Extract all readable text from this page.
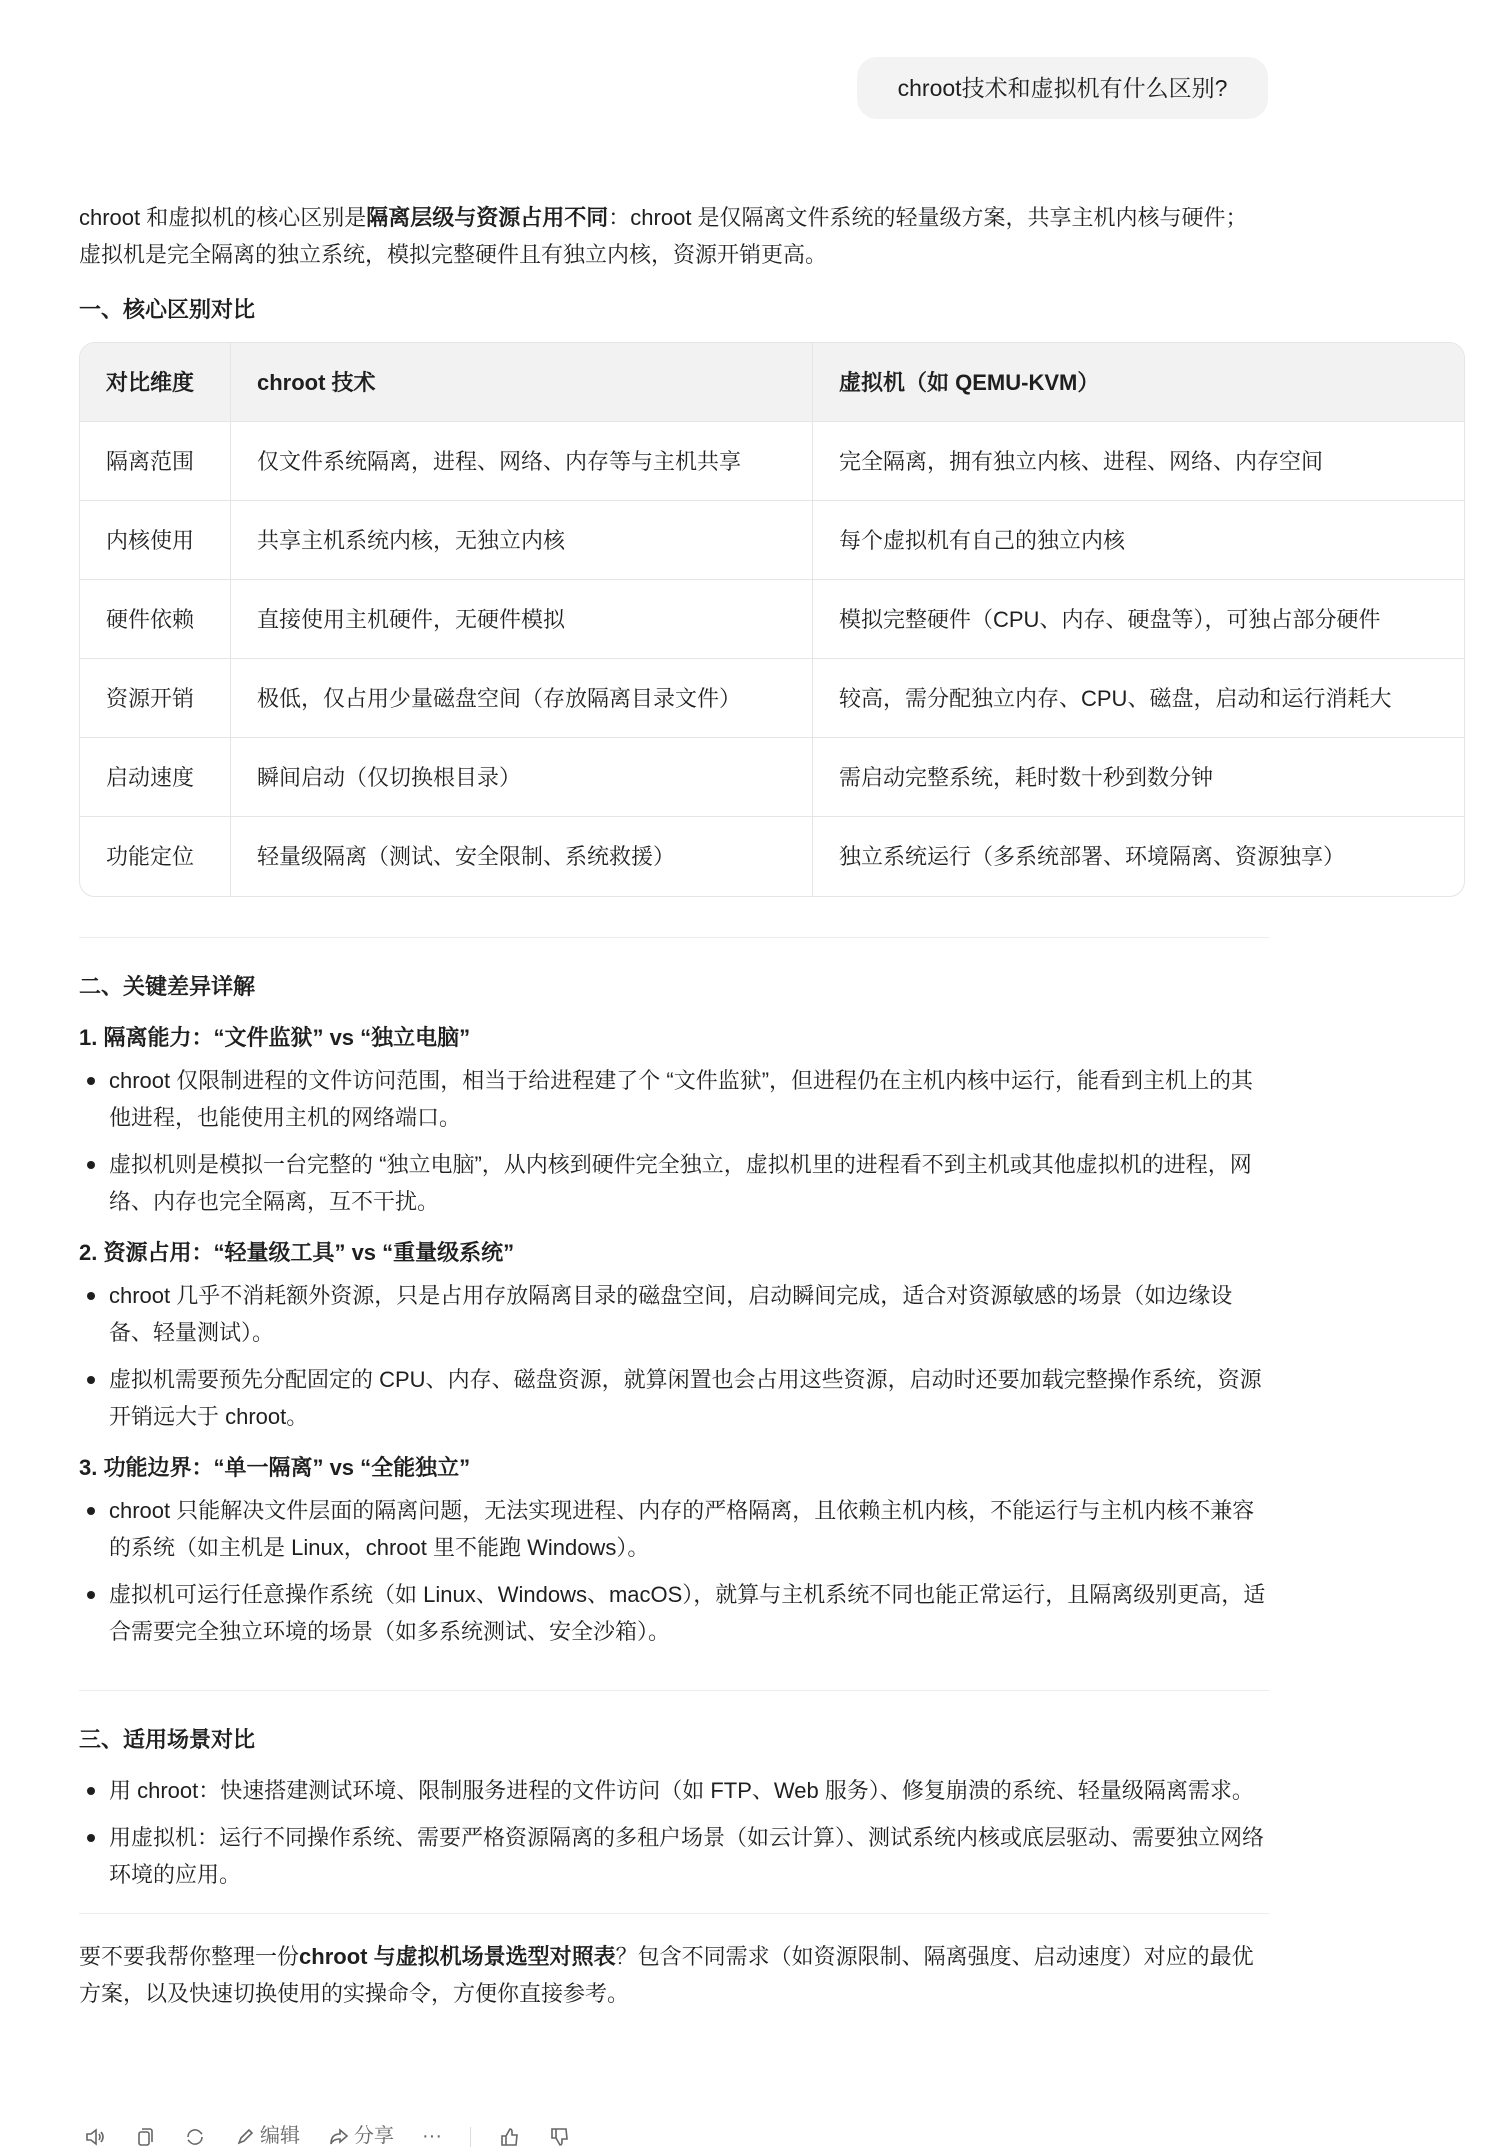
chroot技术和虚拟机有什么区别?

chroot 和虚拟机的核心区别是隔离层级与资源占用不同：chroot 是仅隔离文件系统的轻量级方案，共享主机内核与硬件；虚拟机是完全隔离的独立系统，模拟完整硬件且有独立内核，资源开销更高。

一、核心区别对比

对比维度	chroot 技术	虚拟机（如 QEMU-KVM）
隔离范围	仅文件系统隔离，进程、网络、内存等与主机共享	完全隔离，拥有独立内核、进程、网络、内存空间
内核使用	共享主机系统内核，无独立内核	每个虚拟机有自己的独立内核
硬件依赖	直接使用主机硬件，无硬件模拟	模拟完整硬件（CPU、内存、硬盘等），可独占部分硬件
资源开销	极低，仅占用少量磁盘空间（存放隔离目录文件）	较高，需分配独立内存、CPU、磁盘，启动和运行消耗大
启动速度	瞬间启动（仅切换根目录）	需启动完整系统，耗时数十秒到数分钟
功能定位	轻量级隔离（测试、安全限制、系统救援）	独立系统运行（多系统部署、环境隔离、资源独享）

二、关键差异详解

1. 隔离能力：“文件监狱” vs “独立电脑”

chroot 仅限制进程的文件访问范围，相当于给进程建了个 “文件监狱”，但进程仍在主机内核中运行，能看到主机上的其他进程，也能使用主机的网络端口。
虚拟机则是模拟一台完整的 “独立电脑”，从内核到硬件完全独立，虚拟机里的进程看不到主机或其他虚拟机的进程，网络、内存也完全隔离，互不干扰。

2. 资源占用：“轻量级工具” vs “重量级系统”

chroot 几乎不消耗额外资源，只是占用存放隔离目录的磁盘空间，启动瞬间完成，适合对资源敏感的场景（如边缘设备、轻量测试）。
虚拟机需要预先分配固定的 CPU、内存、磁盘资源，就算闲置也会占用这些资源，启动时还要加载完整操作系统，资源开销远大于 chroot。

3. 功能边界：“单一隔离” vs “全能独立”

chroot 只能解决文件层面的隔离问题，无法实现进程、内存的严格隔离，且依赖主机内核，不能运行与主机内核不兼容的系统（如主机是 Linux，chroot 里不能跑 Windows）。
虚拟机可运行任意操作系统（如 Linux、Windows、macOS），就算与主机系统不同也能正常运行，且隔离级别更高，适合需要完全独立环境的场景（如多系统测试、安全沙箱）。

三、适用场景对比

用 chroot：快速搭建测试环境、限制服务进程的文件访问（如 FTP、Web 服务）、修复崩溃的系统、轻量级隔离需求。
用虚拟机：运行不同操作系统、需要严格资源隔离的多租户场景（如云计算）、测试系统内核或底层驱动、需要独立网络环境的应用。

要不要我帮你整理一份chroot 与虚拟机场景选型对照表？包含不同需求（如资源限制、隔离强度、启动速度）对应的最优方案，以及快速切换使用的实操命令，方便你直接参考。

编辑	分享 ···
